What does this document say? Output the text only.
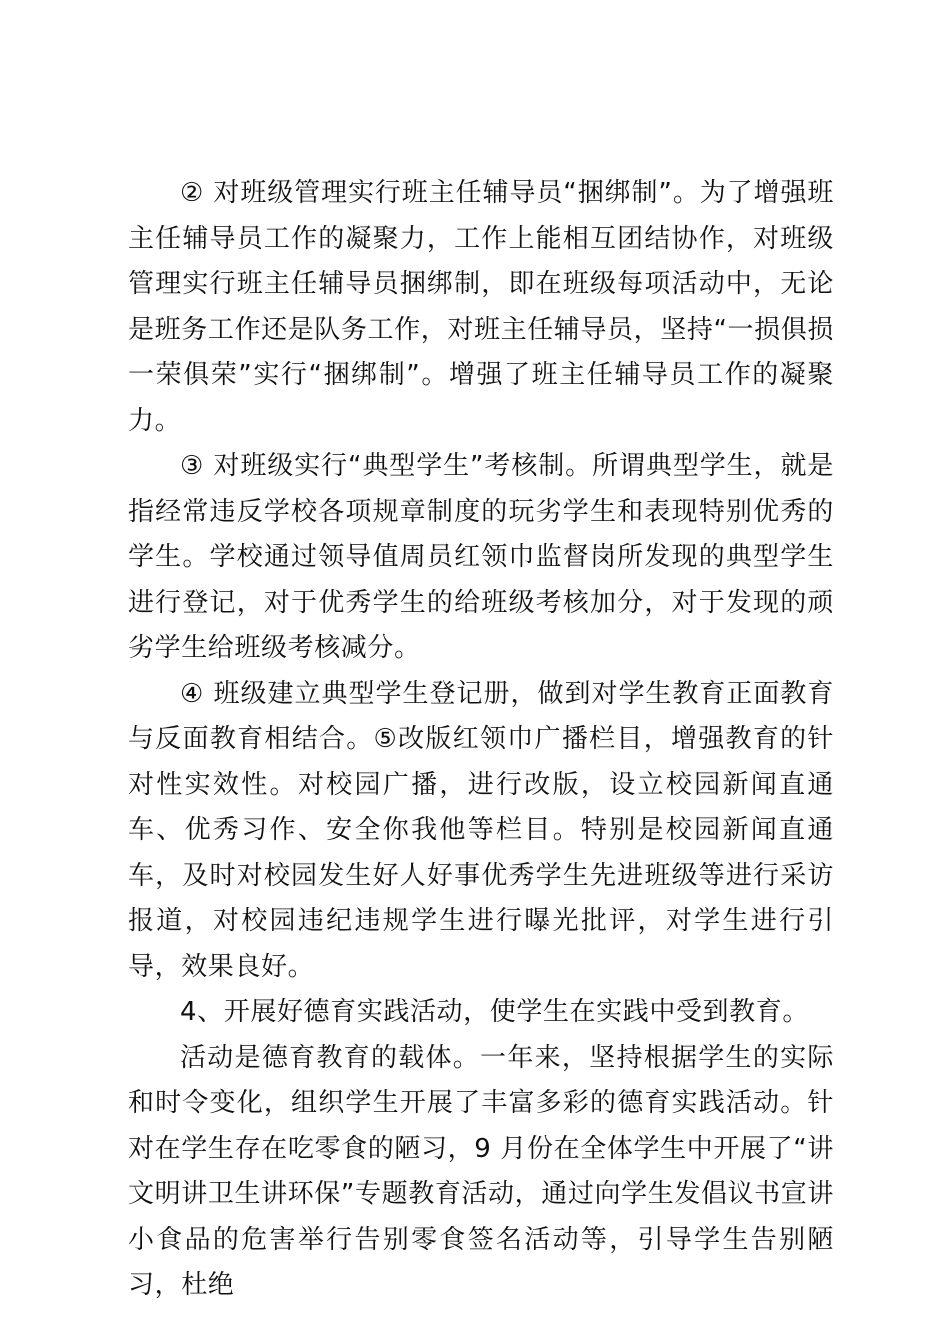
② 对班级管理实行班主任辅导员“捆绑制”。为了增强班主任辅导员工作的凝聚力，工作上能相互团结协作，对班级管理实行班主任辅导员捆绑制，即在班级每项活动中，无论是班务工作还是队务工作，对班主任辅导员，坚持“一损俱损一荣俱荣”实行“捆绑制”。增强了班主任辅导员工作的凝聚力。

③ 对班级实行“典型学生”考核制。所谓典型学生，就是指经常违反学校各项规章制度的玩劣学生和表现特别优秀的学生。学校通过领导值周员红领巾监督岗所发现的典型学生进行登记，对于优秀学生的给班级考核加分，对于发现的顽劣学生给班级考核减分。

④ 班级建立典型学生登记册，做到对学生教育正面教育与反面教育相结合。⑤改版红领巾广播栏目，增强教育的针对性实效性。对校园广播，进行改版，设立校园新闻直通车、优秀习作、安全你我他等栏目。特别是校园新闻直通车，及时对校园发生好人好事优秀学生先进班级等进行采访报道，对校园违纪违规学生进行曝光批评，对学生进行引导，效果良好。

4、开展好德育实践活动，使学生在实践中受到教育。

活动是德育教育的载体。一年来，坚持根据学生的实际和时令变化，组织学生开展了丰富多彩的德育实践活动。针对在学生存在吃零食的陋习，9 月份在全体学生中开展了“讲文明讲卫生讲环保”专题教育活动，通过向学生发倡议书宣讲小食品的危害举行告别零食签名活动等，引导学生告别陋习，杜绝
